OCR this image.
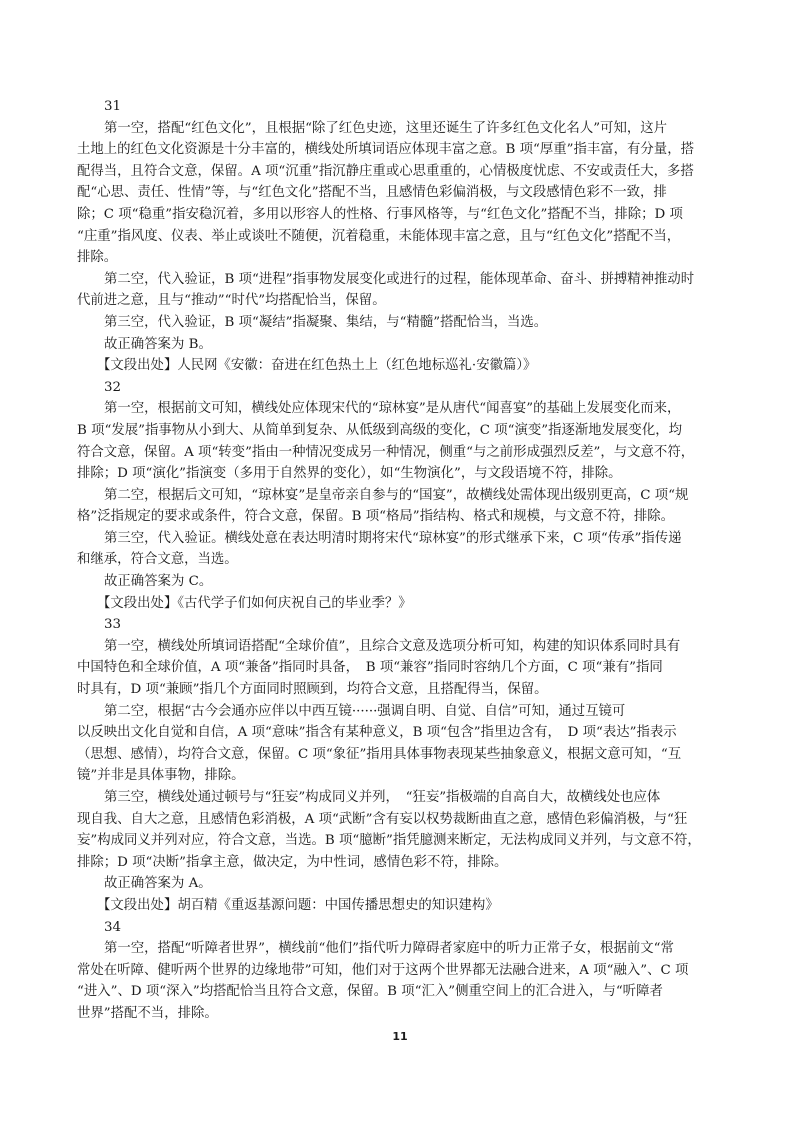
31

第一空，搭配“红色文化”，且根据“除了红色史迹，这里还诞生了许多红色文化名人”可知，这片

土地上的红色文化资源是十分丰富的，横线处所填词语应体现丰富之意。B 项“厚重”指丰富，有分量，搭

配得当，且符合文意，保留。A 项“沉重”指沉静庄重或心思重重的，心情极度忧虑、不安或责任大，多搭

配“心思、责任、性情”等，与“红色文化”搭配不当，且感情色彩偏消极，与文段感情色彩不一致，排

除；C 项“稳重”指安稳沉着，多用以形容人的性格、行事风格等，与“红色文化”搭配不当，排除；D 项

“庄重”指风度、仪表、举止或谈吐不随便，沉着稳重，未能体现丰富之意，且与“红色文化”搭配不当，

排除。

第二空，代入验证，B 项“进程”指事物发展变化或进行的过程，能体现革命、奋斗、拼搏精神推动时

代前进之意，且与“推动”“时代”均搭配恰当，保留。

第三空，代入验证，B 项“凝结”指凝聚、集结，与“精髓”搭配恰当，当选。

故正确答案为 B。

【文段出处】人民网《安徽：奋进在红色热土上（红色地标巡礼·安徽篇）》

32

第一空，根据前文可知，横线处应体现宋代的“琼林宴”是从唐代“闻喜宴”的基础上发展变化而来，

B 项“发展”指事物从小到大、从简单到复杂、从低级到高级的变化，C 项“演变”指逐渐地发展变化，均

符合文意，保留。A 项“转变”指由一种情况变成另一种情况，侧重“与之前形成强烈反差”，与文意不符，

排除；D 项“演化”指演变（多用于自然界的变化），如“生物演化”，与文段语境不符，排除。

第二空，根据后文可知，“琼林宴”是皇帝亲自参与的“国宴”，故横线处需体现出级别更高，C 项“规

格”泛指规定的要求或条件，符合文意，保留。B 项“格局”指结构、格式和规模，与文意不符，排除。

第三空，代入验证。横线处意在表达明清时期将宋代“琼林宴”的形式继承下来，C 项“传承”指传递

和继承，符合文意，当选。

故正确答案为 C。

【文段出处】《古代学子们如何庆祝自己的毕业季？》

33

第一空，横线处所填词语搭配“全球价值”，且综合文意及选项分析可知，构建的知识体系同时具有

中国特色和全球价值，A 项“兼备”指同时具备，　B 项“兼容”指同时容纳几个方面，C 项“兼有”指同

时具有，D 项“兼顾”指几个方面同时照顾到，均符合文意，且搭配得当，保留。

第二空，根据“古今会通亦应伴以中西互镜······强调自明、自觉、自信”可知，通过互镜可

以反映出文化自觉和自信，A 项“意味”指含有某种意义，B 项“包含”指里边含有，　D 项“表达”指表示

（思想、感情），均符合文意，保留。C 项“象征”指用具体事物表现某些抽象意义，根据文意可知，“互

镜”并非是具体事物，排除。

第三空，横线处通过顿号与“狂妄”构成同义并列，　“狂妄”指极端的自高自大，故横线处也应体

现自我、自大之意，且感情色彩消极，A 项“武断”含有妄以权势裁断曲直之意，感情色彩偏消极，与“狂

妄”构成同义并列对应，符合文意，当选。B 项“臆断”指凭臆测来断定，无法构成同义并列，与文意不符，

排除；D 项“决断”指拿主意，做决定，为中性词，感情色彩不符，排除。

故正确答案为 A。

【文段出处】胡百精《重返基源问题：中国传播思想史的知识建构》

34

第一空，搭配“听障者世界”，横线前“他们”指代听力障碍者家庭中的听力正常子女，根据前文“常

常处在听障、健听两个世界的边缘地带”可知，他们对于这两个世界都无法融合进来，A 项“融入”、C 项

“进入”、D 项“深入”均搭配恰当且符合文意，保留。B 项“汇入”侧重空间上的汇合进入，与“听障者

世界”搭配不当，排除。

11
